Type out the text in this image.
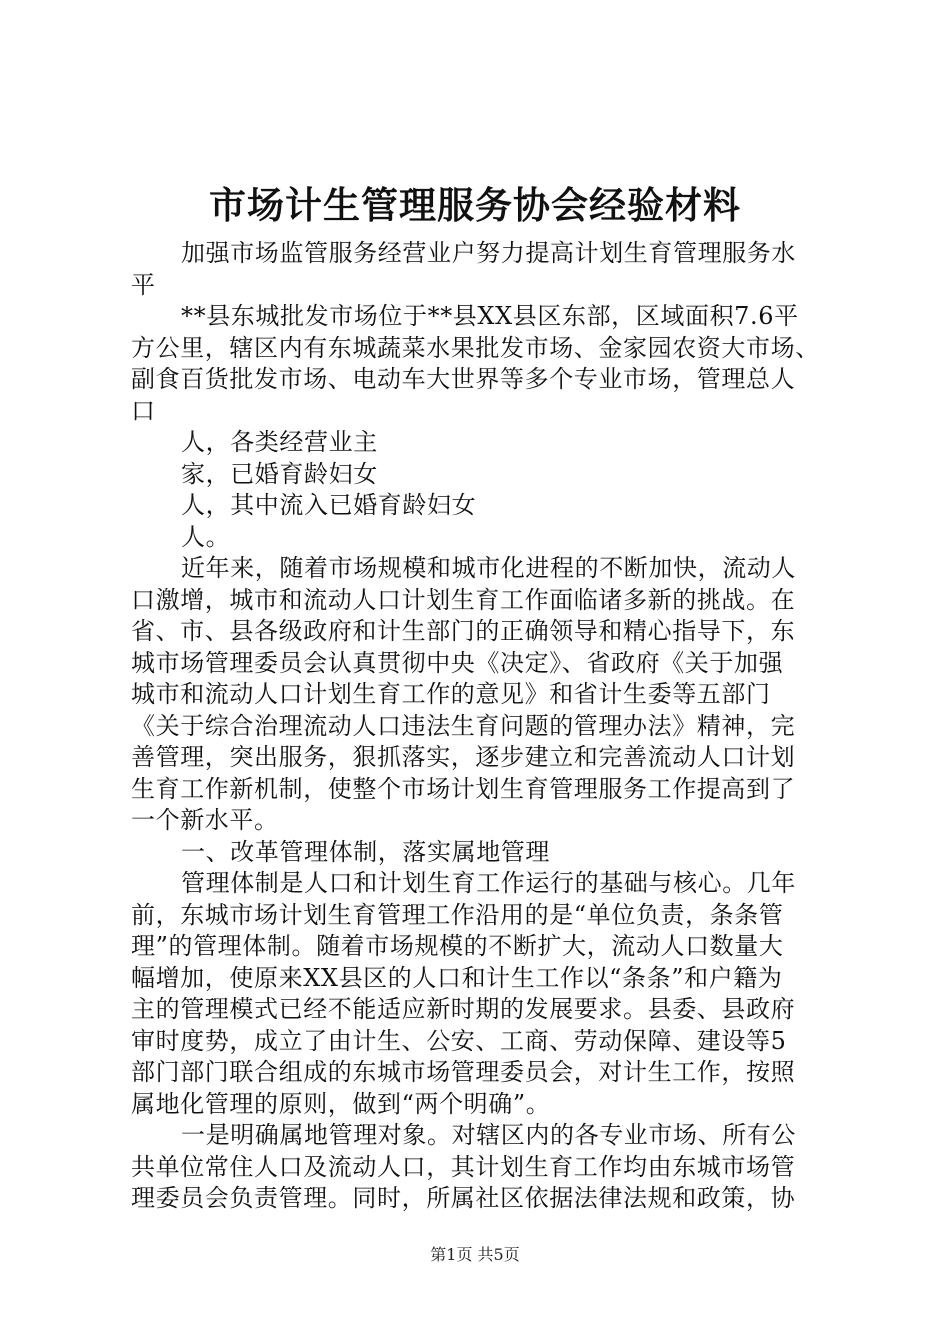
市场计生管理服务协会经验材料
加强市场监管服务经营业户努力提高计划生育管理服务水
平
**县东城批发市场位于**县XX县区东部，区域面积7.6平
方公里，辖区内有东城蔬菜水果批发市场、金家园农资大市场、
副食百货批发市场、电动车大世界等多个专业市场，管理总人
口
人，各类经营业主
家，已婚育龄妇女
人，其中流入已婚育龄妇女
人。
近年来，随着市场规模和城市化进程的不断加快，流动人
口激增，城市和流动人口计划生育工作面临诸多新的挑战。在
省、市、县各级政府和计生部门的正确领导和精心指导下，东
城市场管理委员会认真贯彻中央《决定》、省政府《关于加强
城市和流动人口计划生育工作的意见》和省计生委等五部门
《关于综合治理流动人口违法生育问题的管理办法》精神，完
善管理，突出服务，狠抓落实，逐步建立和完善流动人口计划
生育工作新机制，使整个市场计划生育管理服务工作提高到了
一个新水平。
一、改革管理体制，落实属地管理
管理体制是人口和计划生育工作运行的基础与核心。几年
前，东城市场计划生育管理工作沿用的是“单位负责，条条管
理”的管理体制。随着市场规模的不断扩大，流动人口数量大
幅增加，使原来XX县区的人口和计生工作以“条条”和户籍为
主的管理模式已经不能适应新时期的发展要求。县委、县政府
审时度势，成立了由计生、公安、工商、劳动保障、建设等5
部门部门联合组成的东城市场管理委员会，对计生工作，按照
属地化管理的原则，做到“两个明确”。
一是明确属地管理对象。对辖区内的各专业市场、所有公
共单位常住人口及流动人口，其计划生育工作均由东城市场管
理委员会负责管理。同时，所属社区依据法律法规和政策，协
第1页 共5页
